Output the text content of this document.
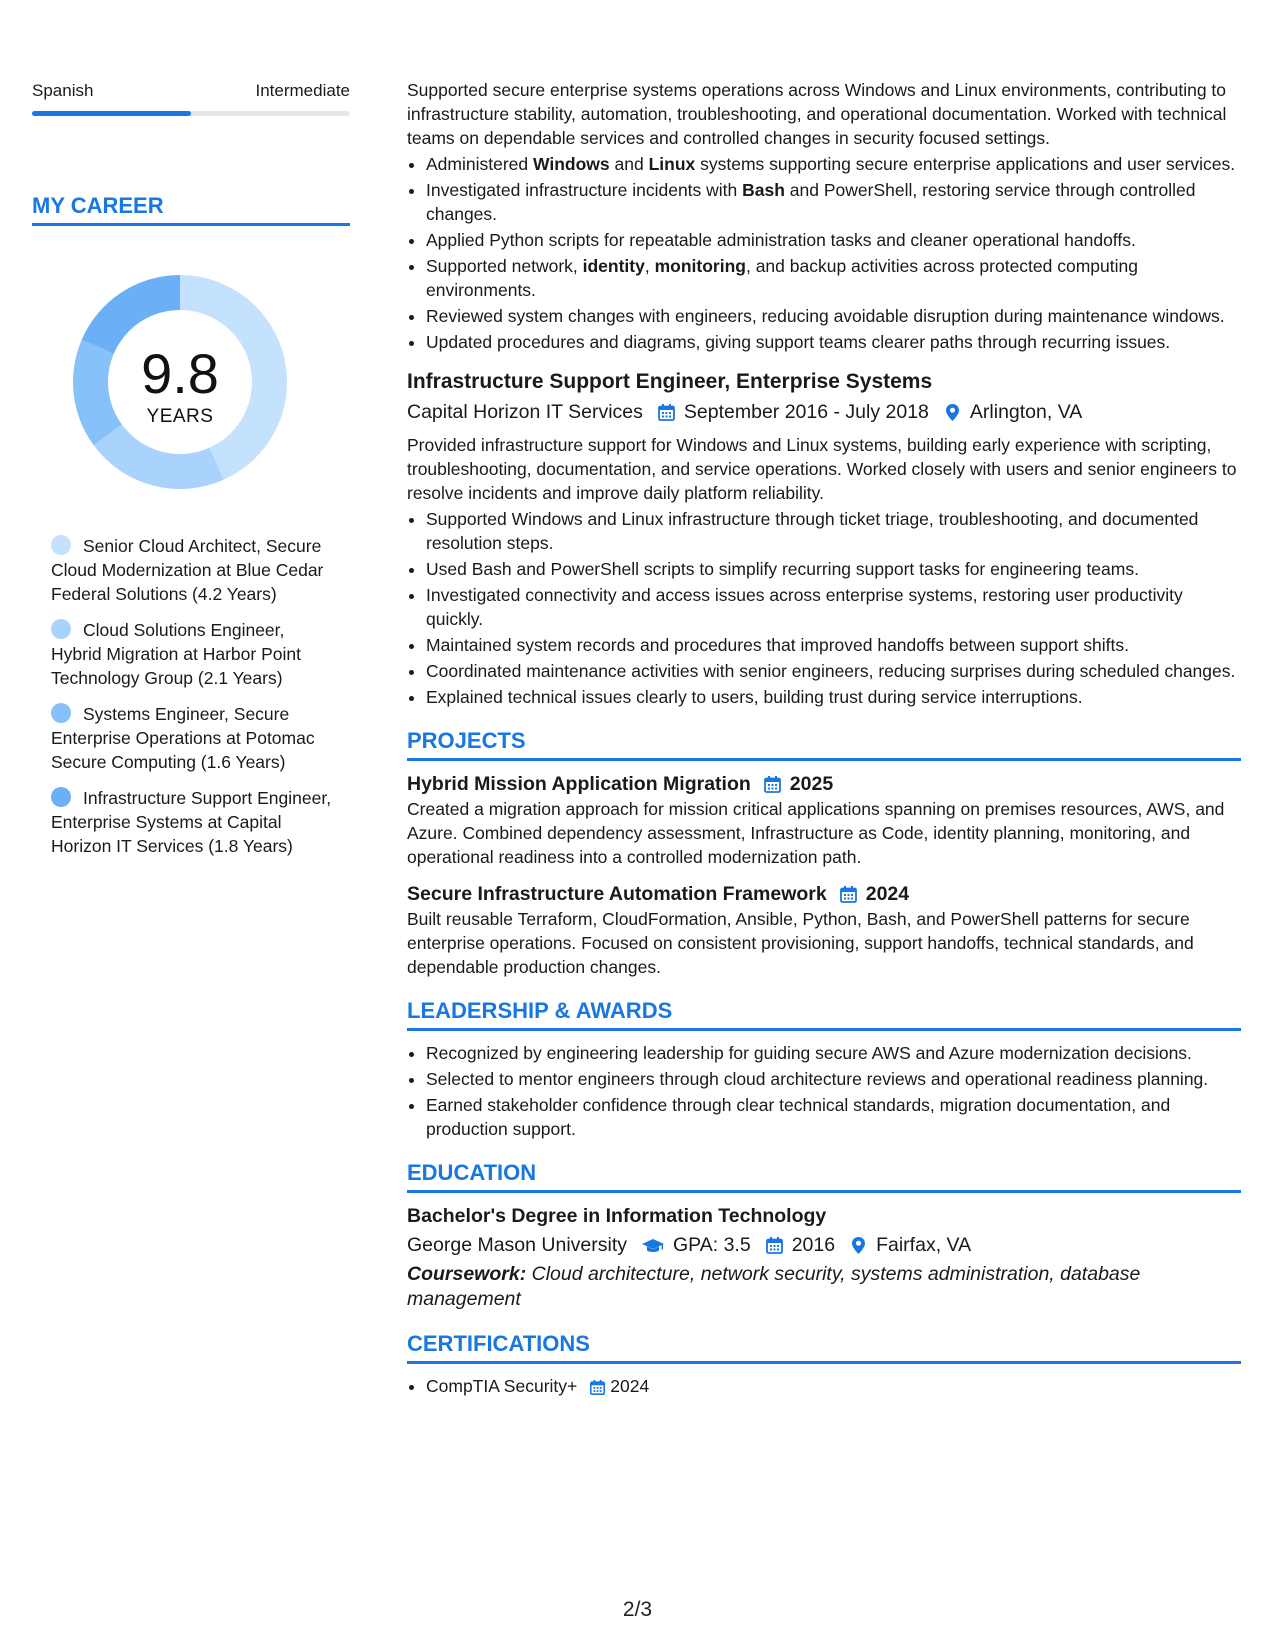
Spanish	Intermediate
MY CAREER
9.8
YEARS
Senior Cloud Architect, Secure Cloud Modernization at Blue Cedar Federal Solutions (4.2 Years)
Cloud Solutions Engineer, Hybrid Migration at Harbor Point Technology Group (2.1 Years)
Systems Engineer, Secure Enterprise Operations at Potomac Secure Computing (1.6 Years)
Infrastructure Support Engineer, Enterprise Systems at Capital Horizon IT Services (1.8 Years)

Supported secure enterprise systems operations across Windows and Linux environments, contributing to infrastructure stability, automation, troubleshooting, and operational documentation. Worked with technical teams on dependable services and controlled changes in security focused settings.

• Administered Windows and Linux systems supporting secure enterprise applications and user services.
• Investigated infrastructure incidents with Bash and PowerShell, restoring service through controlled changes.
• Applied Python scripts for repeatable administration tasks and cleaner operational handoffs.
• Supported network, identity, monitoring, and backup activities across protected computing environments.
• Reviewed system changes with engineers, reducing avoidable disruption during maintenance windows.
• Updated procedures and diagrams, giving support teams clearer paths through recurring issues.
Infrastructure Support Engineer, Enterprise Systems
Capital Horizon IT Services September 2016 - July 2018 Arlington, VA

Provided infrastructure support for Windows and Linux systems, building early experience with scripting, troubleshooting, documentation, and service operations. Worked closely with users and senior engineers to resolve incidents and improve daily platform reliability.

• Supported Windows and Linux infrastructure through ticket triage, troubleshooting, and documented resolution steps.
• Used Bash and PowerShell scripts to simplify recurring support tasks for engineering teams.
• Investigated connectivity and access issues across enterprise systems, restoring user productivity quickly.
• Maintained system records and procedures that improved handoffs between support shifts.
• Coordinated maintenance activities with senior engineers, reducing surprises during scheduled changes.
• Explained technical issues clearly to users, building trust during service interruptions.
PROJECTS
Hybrid Mission Application Migration 2025

Created a migration approach for mission critical applications spanning on premises resources, AWS, and Azure. Combined dependency assessment, Infrastructure as Code, identity planning, monitoring, and operational readiness into a controlled modernization path.

Secure Infrastructure Automation Framework 2024

Built reusable Terraform, CloudFormation, Ansible, Python, Bash, and PowerShell patterns for secure enterprise operations. Focused on consistent provisioning, support handoffs, technical standards, and dependable production changes.

LEADERSHIP & AWARDS
• Recognized by engineering leadership for guiding secure AWS and Azure modernization decisions.
• Selected to mentor engineers through cloud architecture reviews and operational readiness planning.
• Earned stakeholder confidence through clear technical standards, migration documentation, and production support.
EDUCATION
Bachelor's Degree in Information Technology
George Mason University GPA: 3.5 2016 Fairfax, VA
Coursework: Cloud architecture, network security, systems administration, database management
CERTIFICATIONS
• CompTIA Security+ 2024
2/3
